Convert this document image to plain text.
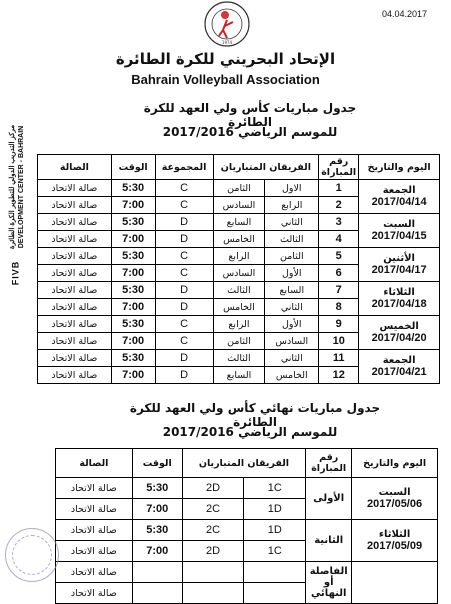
04.04.2017
1974
الإتحاد البحريني للكرة الطائرة
Bahrain Volleyball Association
مركز التدريب الدولي للتطوير الكرة الطائرة DEVELOPMENT CENTER - BAHRAIN
FIVB
جدول مباريات كأس ولي العهد للكرة الطائرة
للموسم الرياضي 2017/2016
اليوم والتاريخ	رقم المباراة	الفريقان المتباريان		المجموعة	الوقت	الصالة

الجمعة
2017/04/14	1	الاول	الثامن	C	5:30	صالة الاتحاد
	2	الرابع	السادس	C	7:00	صالة الاتحاد

السبت
2017/04/15	3	الثاني	السابع	D	5:30	صالة الاتحاد
	4	الثالث	الخامس	D	7:00	صالة الاتحاد

الأثنين
2017/04/17	5	الثامن	الرابع	C	5:30	صالة الاتحاد
	6	الأول	السادس	C	7:00	صالة الاتحاد

الثلاثاء
2017/04/18	7	السابع	الثالث	D	5:30	صالة الاتحاد
	8	الثاني	الخامس	D	7:00	صالة الاتحاد

الخميس
2017/04/20	9	الأول	الرابع	C	5:30	صالة الاتحاد
	10	السادس	الثامن	C	7:00	صالة الاتحاد

الجمعة
2017/04/21	11	الثاني	الثالث	D	5:30	صالة الاتحاد
	12	الخامس	السابع	D	7:00	صالة الاتحاد
جدول مباريات نهائي كأس ولي العهد للكرة الطائرة
للموسم الرياضي 2017/2016
اليوم والتاريخ	رقم المباراة	الفريقان المتباريان		الوقت	الصالة

السبت
2017/05/06	الأولى	1C	2D	5:30	صالة الاتحاد
		1D	2C	7:00	صالة الاتحاد

الثلاثاء
2017/05/09	الثانية	1D	2C	5:30	صالة الاتحاد
		1C	2D	7:00	صالة الاتحاد
	الفاصلة أو النهائي				صالة الاتحاد
					صالة الاتحاد
